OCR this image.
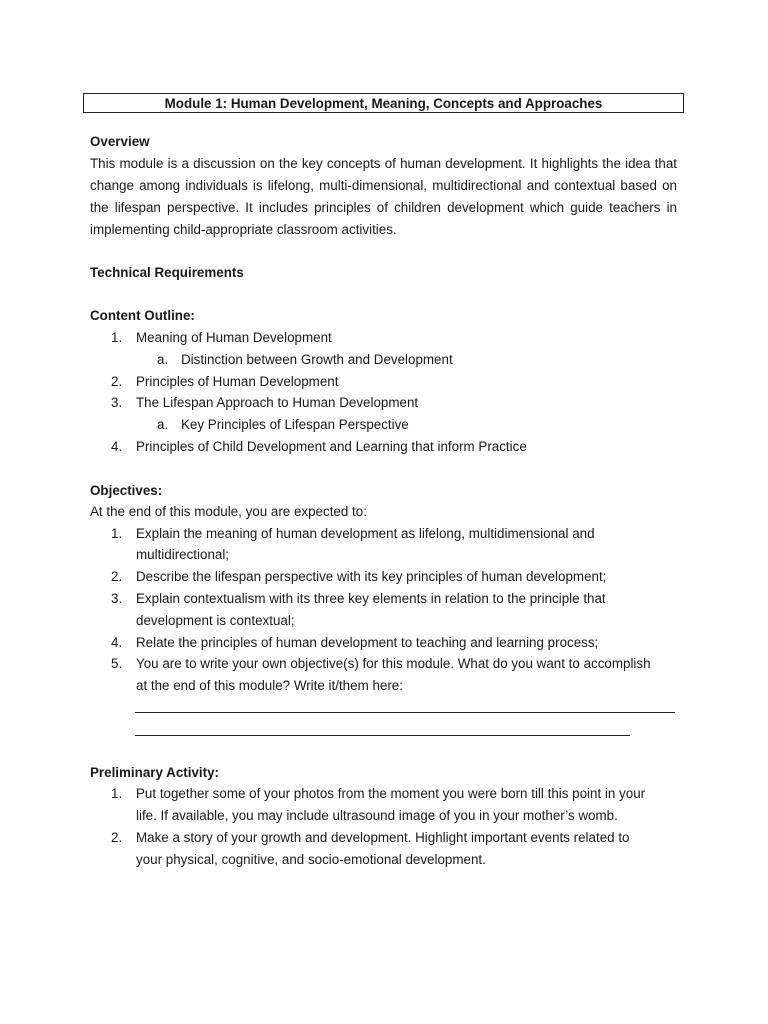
Module 1: Human Development, Meaning, Concepts and Approaches
Overview
This module is a discussion on the key concepts of human development. It highlights the idea that change among individuals is lifelong, multi-dimensional, multidirectional and contextual based on the lifespan perspective. It includes principles of children development which guide teachers in implementing child-appropriate classroom activities.
Technical Requirements
Content Outline:
1. Meaning of Human Development
a. Distinction between Growth and Development
2. Principles of Human Development
3. The Lifespan Approach to Human Development
a. Key Principles of Lifespan Perspective
4. Principles of Child Development and Learning that inform Practice
Objectives:
At the end of this module, you are expected to:
1. Explain the meaning of human development as lifelong, multidimensional and
multidirectional;
2. Describe the lifespan perspective with its key principles of human development;
3. Explain contextualism with its three key elements in relation to the principle that
development is contextual;
4. Relate the principles of human development to teaching and learning process;
5. You are to write your own objective(s) for this module. What do you want to accomplish
at the end of this module? Write it/them here:
Preliminary Activity:
1. Put together some of your photos from the moment you were born till this point in your
life. If available, you may include ultrasound image of you in your mother’s womb.
2. Make a story of your growth and development. Highlight important events related to
your physical, cognitive, and socio-emotional development.
